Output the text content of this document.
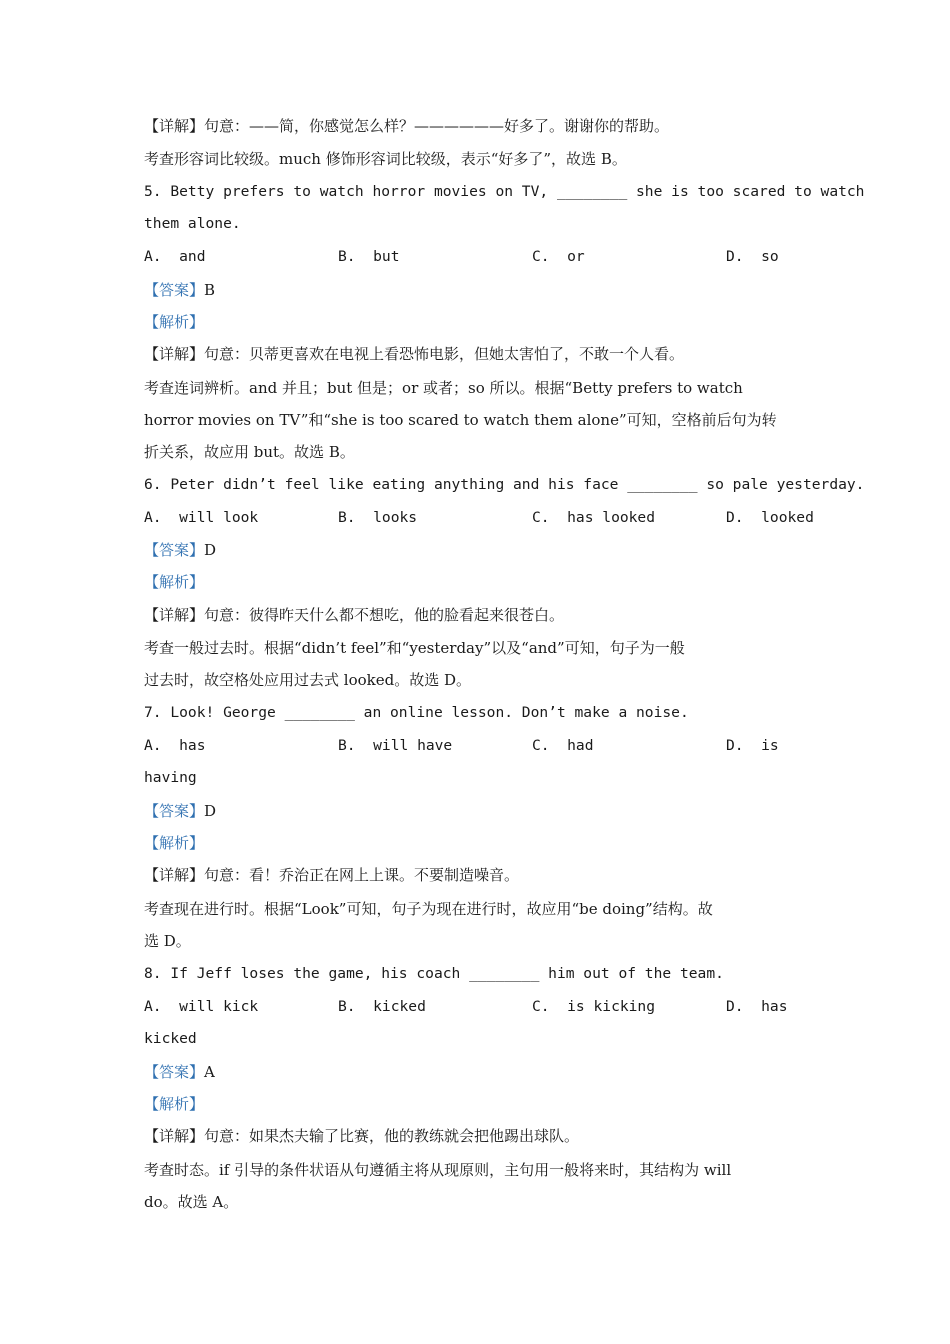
【详解】句意：——简，你感觉怎么样？——————好多了。谢谢你的帮助。
考查形容词比较级。much 修饰形容词比较级，表示“好多了”，故选 B。
5. Betty prefers to watch horror movies on TV, ________ she is too scared to watch
them alone.
A.  and	B.  but	C.  or	D.  so
【答案】B
【解析】
【详解】句意：贝蒂更喜欢在电视上看恐怖电影，但她太害怕了，不敢一个人看。
考查连词辨析。and 并且；but 但是；or 或者；so 所以。根据“Betty prefers to watch
horror movies on TV”和“she is too scared to watch them alone”可知，空格前后句为转
折关系，故应用 but。故选 B。
6. Peter didn’t feel like eating anything and his face ________ so pale yesterday.
A.  will look	B.  looks	C.  has looked	D.  looked
【答案】D
【解析】
【详解】句意：彼得昨天什么都不想吃，他的脸看起来很苍白。
考查一般过去时。根据“didn’t feel”和“yesterday”以及“and”可知，句子为一般
过去时，故空格处应用过去式 looked。故选 D。
7. Look! George ________ an online lesson. Don’t make a noise.
A.  has	B.  will have	C.  had	D.  is
having
【答案】D
【解析】
【详解】句意：看！乔治正在网上上课。不要制造噪音。
考查现在进行时。根据“Look”可知，句子为现在进行时，故应用“be doing”结构。故
选 D。
8. If Jeff loses the game, his coach ________ him out of the team.
A.  will kick	B.  kicked	C.  is kicking	D.  has
kicked
【答案】A
【解析】
【详解】句意：如果杰夫输了比赛，他的教练就会把他踢出球队。
考查时态。if 引导的条件状语从句遵循主将从现原则，主句用一般将来时，其结构为 will
do。故选 A。
